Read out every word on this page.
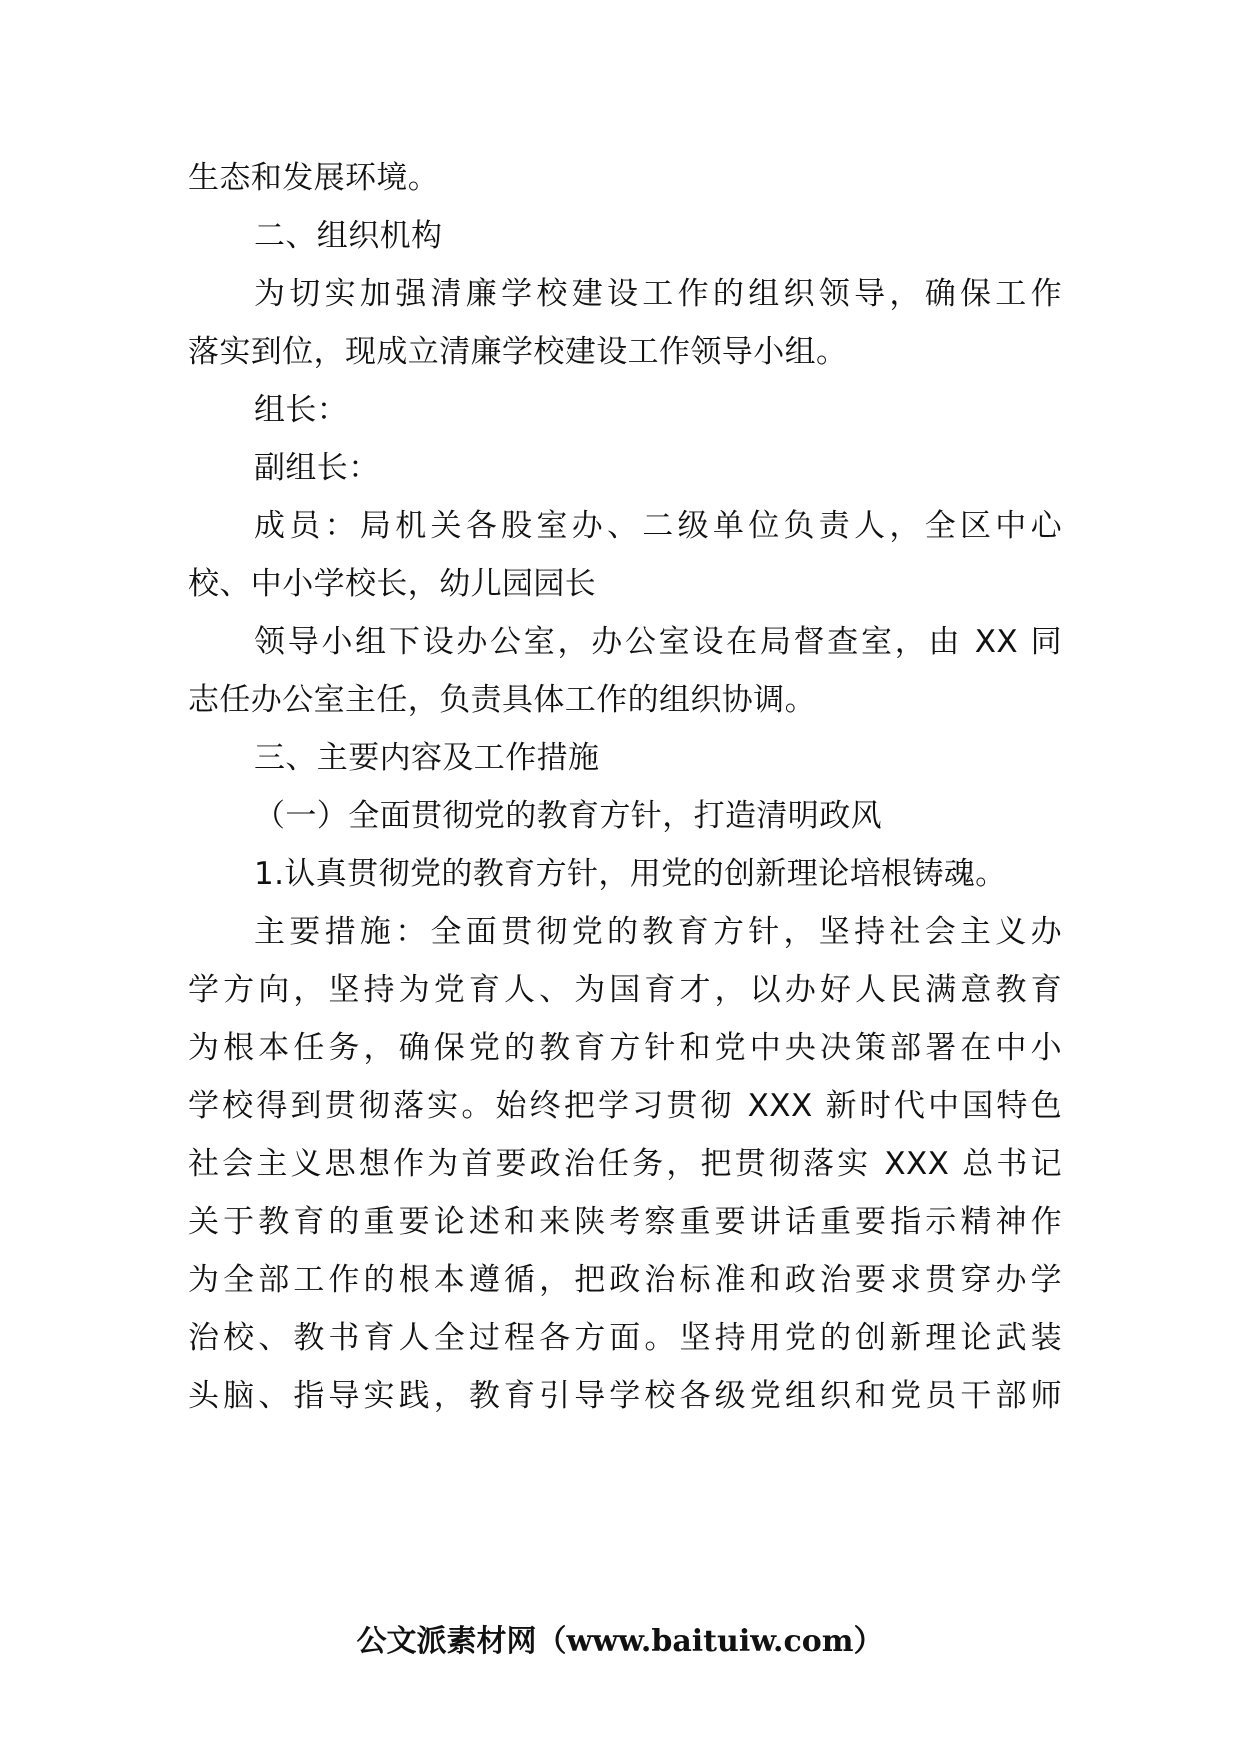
生态和发展环境。
二、组织机构
为切实加强清廉学校建设工作的组织领导，确保工作
落实到位，现成立清廉学校建设工作领导小组。
组长：
副组长：
成员：局机关各股室办、二级单位负责人，全区中心
校、中小学校长，幼儿园园长
领导小组下设办公室，办公室设在局督查室，由 XX 同
志任办公室主任，负责具体工作的组织协调。
三、主要内容及工作措施
（一）全面贯彻党的教育方针，打造清明政风
1.认真贯彻党的教育方针，用党的创新理论培根铸魂。
主要措施：全面贯彻党的教育方针，坚持社会主义办
学方向，坚持为党育人、为国育才，以办好人民满意教育
为根本任务，确保党的教育方针和党中央决策部署在中小
学校得到贯彻落实。始终把学习贯彻 XXX 新时代中国特色
社会主义思想作为首要政治任务，把贯彻落实 XXX 总书记
关于教育的重要论述和来陕考察重要讲话重要指示精神作
为全部工作的根本遵循，把政治标准和政治要求贯穿办学
治校、教书育人全过程各方面。坚持用党的创新理论武装
头脑、指导实践，教育引导学校各级党组织和党员干部师
公文派素材网（www.baituiw.com）
